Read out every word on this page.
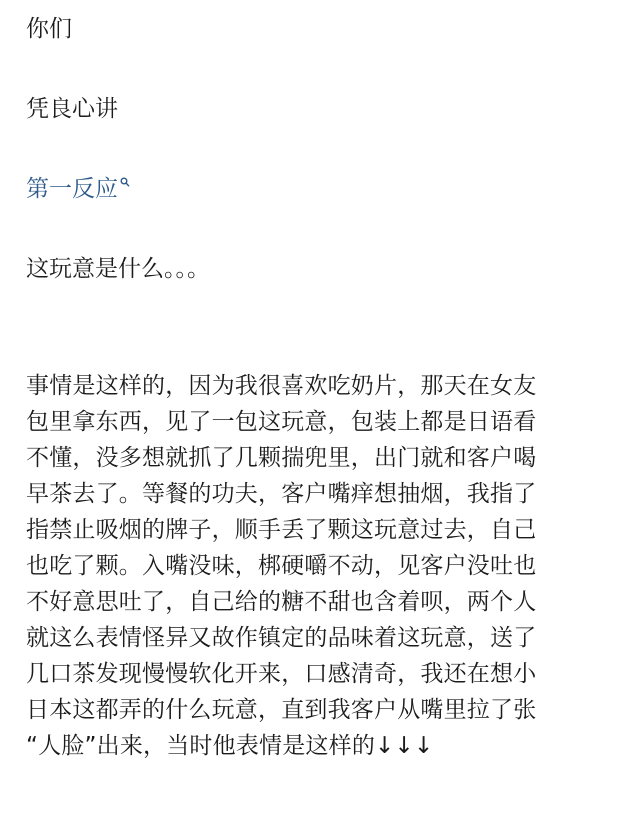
你们
凭良心讲
第一反应
这玩意是什么。。。
事情是这样的，因为我很喜欢吃奶片，那天在女友
包里拿东西，见了一包这玩意，包装上都是日语看
不懂，没多想就抓了几颗揣兜里，出门就和客户喝
早茶去了。等餐的功夫，客户嘴痒想抽烟，我指了
指禁止吸烟的牌子，顺手丢了颗这玩意过去，自己
也吃了颗。入嘴没味，梆硬嚼不动，见客户没吐也
不好意思吐了，自己给的糖不甜也含着呗，两个人
就这么表情怪异又故作镇定的品味着这玩意，送了
几口茶发现慢慢软化开来，口感清奇，我还在想小
日本这都弄的什么玩意，直到我客户从嘴里拉了张
“人脸”出来，当时他表情是这样的↓↓↓
